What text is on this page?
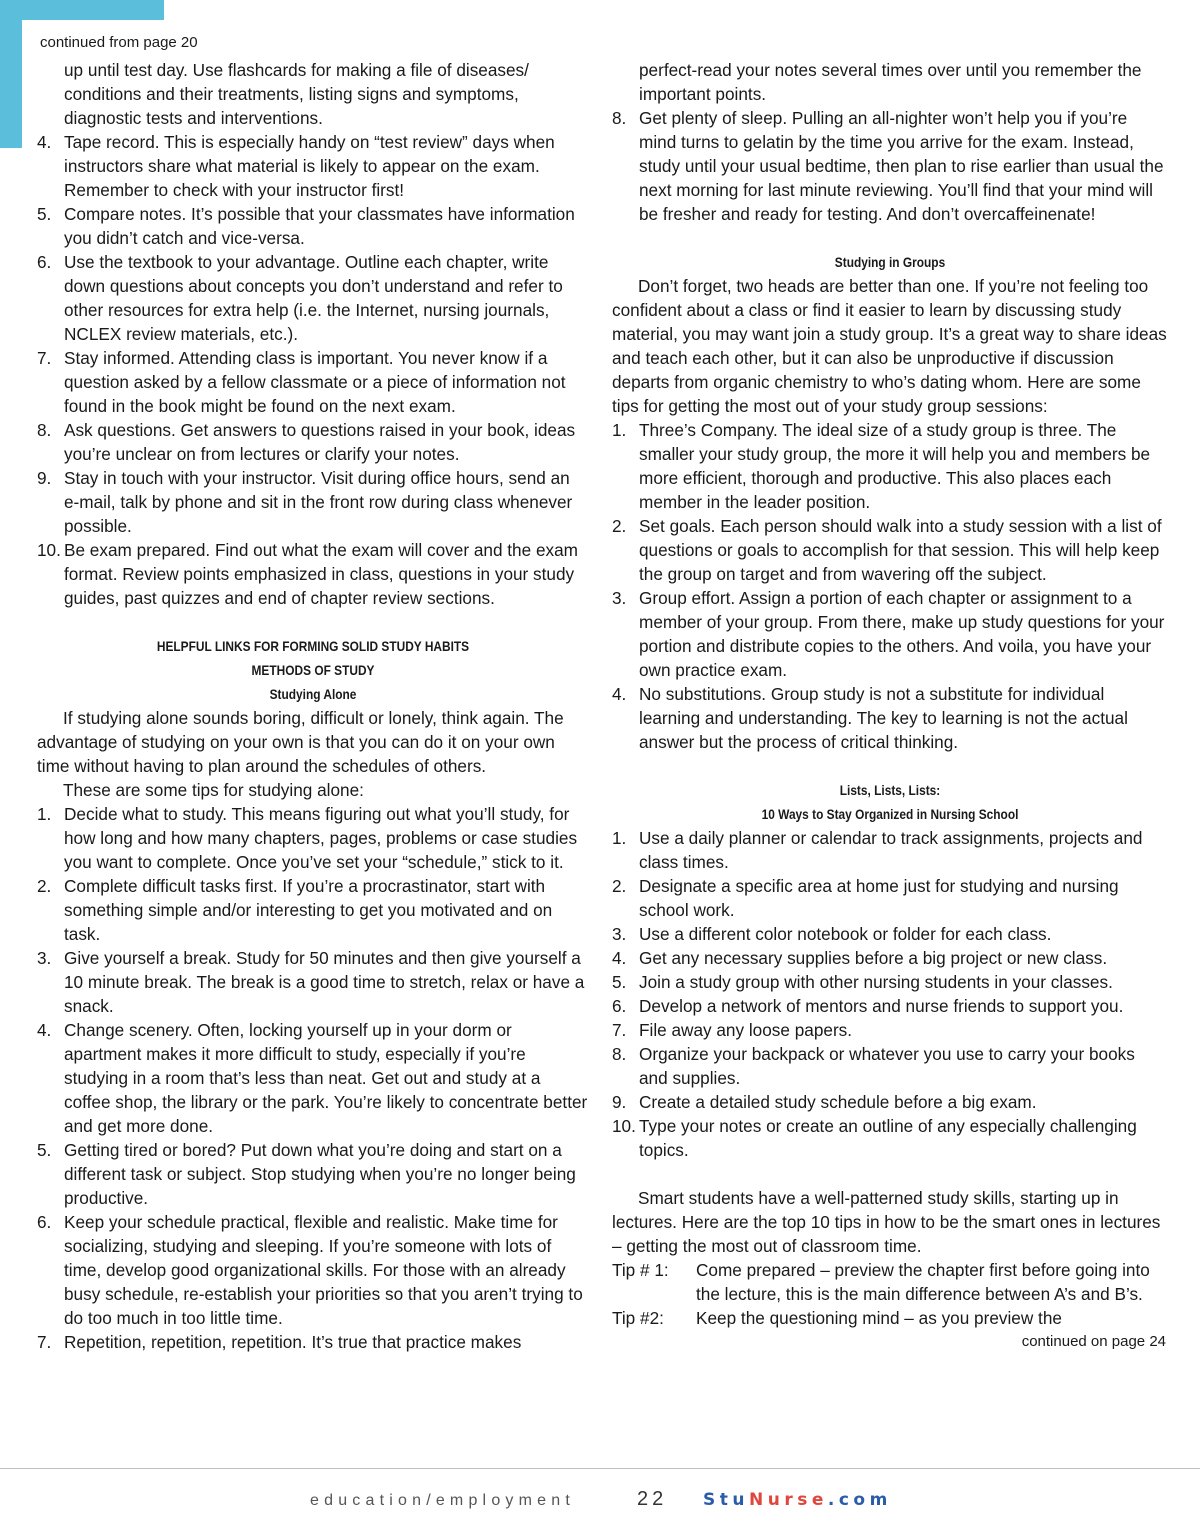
continued from page 20

up until test day. Use flashcards for making a file of diseases/ conditions and their treatments, listing signs and symptoms, diagnostic tests and interventions.

4. Tape record. This is especially handy on “test review” days when instructors share what material is likely to appear on the exam. Remember to check with your instructor first!
5. Compare notes. It’s possible that your classmates have information you didn’t catch and vice-versa.
6. Use the textbook to your advantage. Outline each chapter, write down questions about concepts you don’t understand and refer to other resources for extra help (i.e. the Internet, nursing journals, NCLEX review materials, etc.).
7. Stay informed. Attending class is important. You never know if a question asked by a fellow classmate or a piece of information not found in the book might be found on the next exam.
8. Ask questions. Get answers to questions raised in your book, ideas you’re unclear on from lectures or clarify your notes.
9. Stay in touch with your instructor. Visit during office hours, send an e-mail, talk by phone and sit in the front row during class whenever possible.
10. Be exam prepared. Find out what the exam will cover and the exam format. Review points emphasized in class, questions in your study guides, past quizzes and end of chapter review sections.
HELPFUL LINKS FOR FORMING SOLID STUDY HABITS
METHODS OF STUDY
Studying Alone

If studying alone sounds boring, difficult or lonely, think again. The advantage of studying on your own is that you can do it on your own time without having to plan around the schedules of others.

These are some tips for studying alone:

1. Decide what to study. This means figuring out what you’ll study, for how long and how many chapters, pages, problems or case studies you want to complete. Once you’ve set your “schedule,” stick to it.
2. Complete difficult tasks first. If you’re a procrastinator, start with something simple and/or interesting to get you motivated and on task.
3. Give yourself a break. Study for 50 minutes and then give yourself a 10 minute break. The break is a good time to stretch, relax or have a snack.
4. Change scenery. Often, locking yourself up in your dorm or apartment makes it more difficult to study, especially if you’re studying in a room that’s less than neat. Get out and study at a coffee shop, the library or the park. You’re likely to concentrate better and get more done.
5. Getting tired or bored? Put down what you’re doing and start on a different task or subject. Stop studying when you’re no longer being productive.
6. Keep your schedule practical, flexible and realistic. Make time for socializing, studying and sleeping. If you’re someone with lots of time, develop good organizational skills. For those with an already busy schedule, re-establish your priorities so that you aren’t trying to do too much in too little time.
7. Repetition, repetition, repetition. It’s true that practice makes

perfect-read your notes several times over until you remember the important points.

8. Get plenty of sleep. Pulling an all-nighter won’t help you if you’re mind turns to gelatin by the time you arrive for the exam. Instead, study until your usual bedtime, then plan to rise earlier than usual the next morning for last minute reviewing. You’ll find that your mind will be fresher and ready for testing. And don’t overcaffeinenate!
Studying in Groups

Don’t forget, two heads are better than one. If you’re not feeling too confident about a class or find it easier to learn by discussing study material, you may want join a study group. It’s a great way to share ideas and teach each other, but it can also be unproductive if discussion departs from organic chemistry to who’s dating whom. Here are some tips for getting the most out of your study group sessions:

1. Three’s Company. The ideal size of a study group is three. The smaller your study group, the more it will help you and members be more efficient, thorough and productive. This also places each member in the leader position.
2. Set goals. Each person should walk into a study session with a list of questions or goals to accomplish for that session. This will help keep the group on target and from wavering off the subject.
3. Group effort. Assign a portion of each chapter or assignment to a member of your group. From there, make up study questions for your portion and distribute copies to the others. And voila, you have your own practice exam.
4. No substitutions. Group study is not a substitute for individual learning and understanding. The key to learning is not the actual answer but the process of critical thinking.
Lists, Lists, Lists:
10 Ways to Stay Organized in Nursing School
1. Use a daily planner or calendar to track assignments, projects and class times.
2. Designate a specific area at home just for studying and nursing school work.
3. Use a different color notebook or folder for each class.
4. Get any necessary supplies before a big project or new class.
5. Join a study group with other nursing students in your classes.
6. Develop a network of mentors and nurse friends to support you.
7. File away any loose papers.
8. Organize your backpack or whatever you use to carry your books and supplies.
9. Create a detailed study schedule before a big exam.
10. Type your notes or create an outline of any especially challenging topics.

Smart students have a well-patterned study skills, starting up in lectures. Here are the top 10 tips in how to be the smart ones in lectures – getting the most out of classroom time.

Tip # 1: Come prepared – preview the chapter first before going into the lecture, this is the main difference between A’s and B’s.
Tip #2: Keep the questioning mind – as you preview the
continued on page 24
education/employment	22 StuNurse.com
